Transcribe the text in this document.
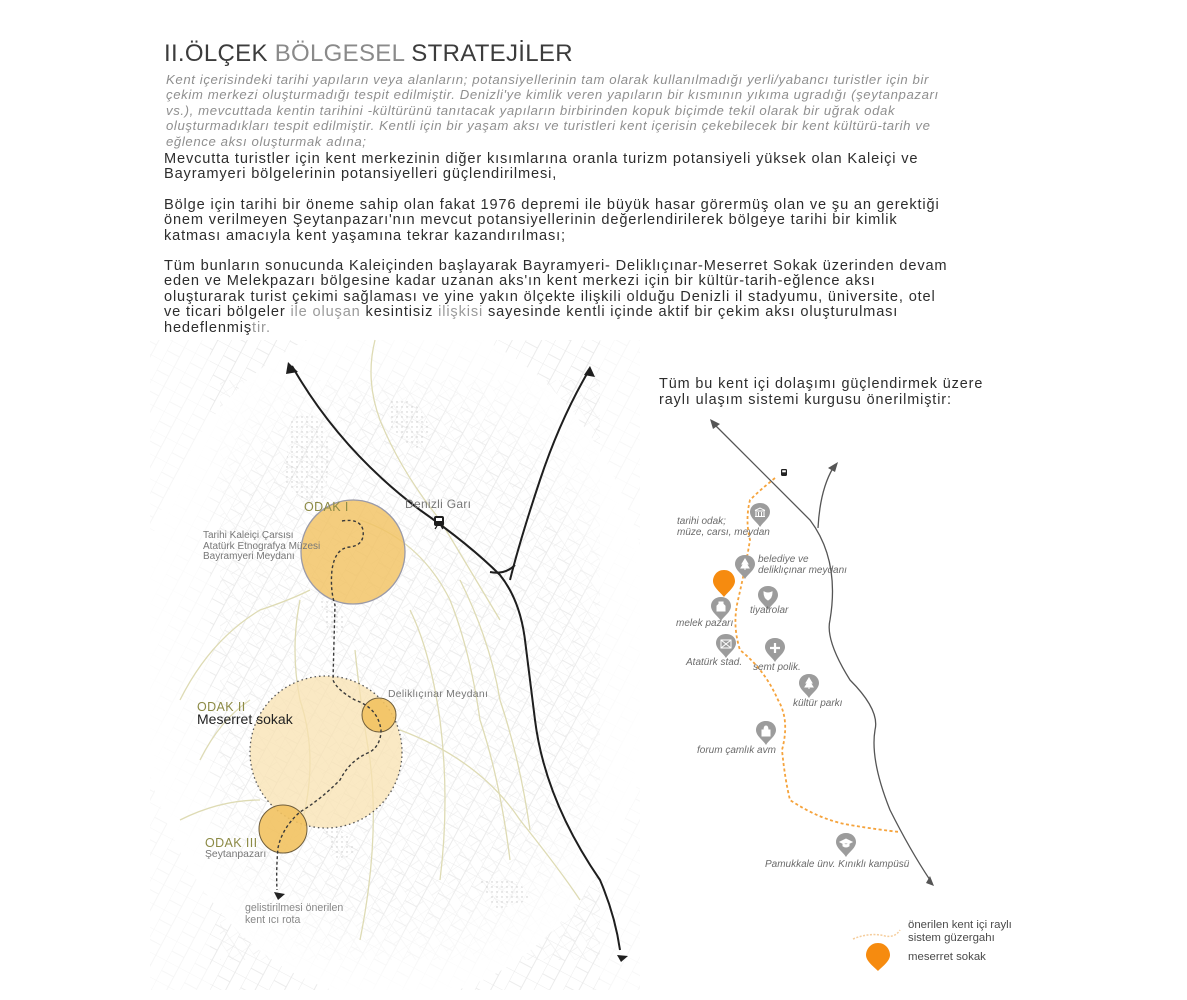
II.ÖLÇEK BÖLGESEL STRATEJİLER
Kent içerisindeki tarihi yapıların veya alanların; potansiyellerinin tam olarak kullanılmadığı yerli/yabancı turistler için bir
çekim merkezi oluşturmadığı tespit edilmiştir. Denizli'ye kimlik veren yapıların bir kısmının yıkıma ugradığı (şeytanpazarı
vs.), mevcuttada kentin tarihini -kültürünü tanıtacak yapıların birbirinden kopuk biçimde tekil olarak bir uğrak odak
oluşturmadıkları tespit edilmiştir. Kentli için bir yaşam aksı ve turistleri kent içerisin çekebilecek bir kent kültürü-tarih ve
eğlence aksı oluşturmak adına;
Mevcutta turistler için kent merkezinin diğer kısımlarına oranla turizm potansiyeli yüksek olan Kaleiçi ve
Bayramyeri bölgelerinin potansiyelleri güçlendirilmesi,
Bölge için tarihi bir öneme sahip olan fakat 1976 depremi ile büyük hasar görermüş olan ve şu an gerektiği
önem verilmeyen Şeytanpazarı'nın mevcut potansiyellerinin değerlendirilerek bölgeye tarihi bir kimlik
katması amacıyla kent yaşamına tekrar kazandırılması;
Tüm bunların sonucunda Kaleiçinden başlayarak Bayramyeri- Deliklıçınar-Meserret Sokak üzerinden devam
eden ve Melekpazarı bölgesine kadar uzanan aks'ın kent merkezi için bir kültür-tarih-eğlence aksı
oluşturarak turist çekimi sağlaması ve yine yakın ölçekte ilişkili olduğu Denizli il stadyumu, üniversite, otel
ve ticari bölgeler ile oluşan kesintisiz ilişkisi sayesinde kentli içinde aktif bir çekim aksı oluşturulması
hedeflenmiştir.
ODAK I
Tarihi Kaleiçi Çarsısı
Atatürk Etnografya Müzesi
Bayramyeri Meydanı
Denizli Garı
ODAK II
Meserret sokak
Deliklıçınar Meydanı
ODAK III
Şeytanpazarı
gelistirilmesi önerilen
kent ıcı rota
Tüm bu kent içi dolaşımı güçlendirmek üzere
raylı ulaşım sistemi kurgusu önerilmiştir:
tarihi odak;
müze, carsı, meydan
belediye ve
deliklıçınar meydanı
tiyatrolar
melek pazarı
Atatürk stad. semt polik.
kültür parkı
forum çamlık avm
Pamukkale ünv. Kınıklı kampüsü
önerilen kent içi raylı
sistem güzergahı
meserret sokak
